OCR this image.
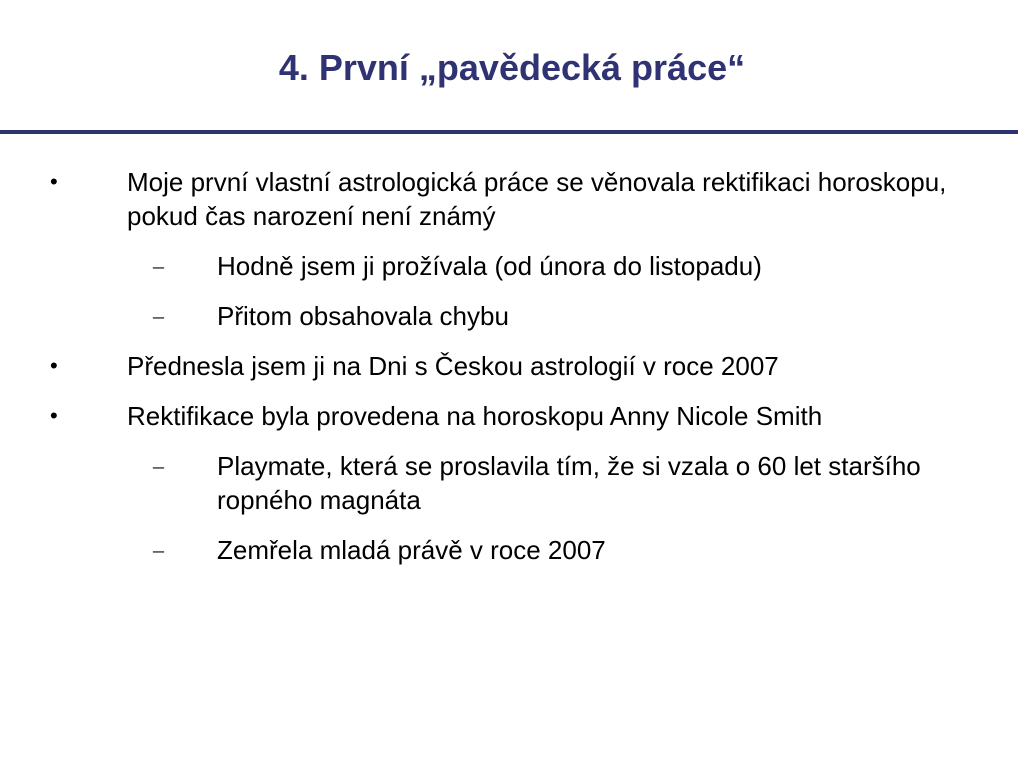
4. První „pavědecká práce“
•	Moje první vlastní astrologická práce se věnovala rektifikaci horoskopu, pokud čas narození není známý
– Hodně jsem ji prožívala (od února do listopadu)
– Přitom obsahovala chybu
•	Přednesla jsem ji na Dni s Českou astrologií v roce 2007
•	Rektifikace byla provedena na horoskopu Anny Nicole Smith
– Playmate, která se proslavila tím, že si vzala o 60 let staršího ropného magnáta
– Zemřela mladá právě v roce 2007
